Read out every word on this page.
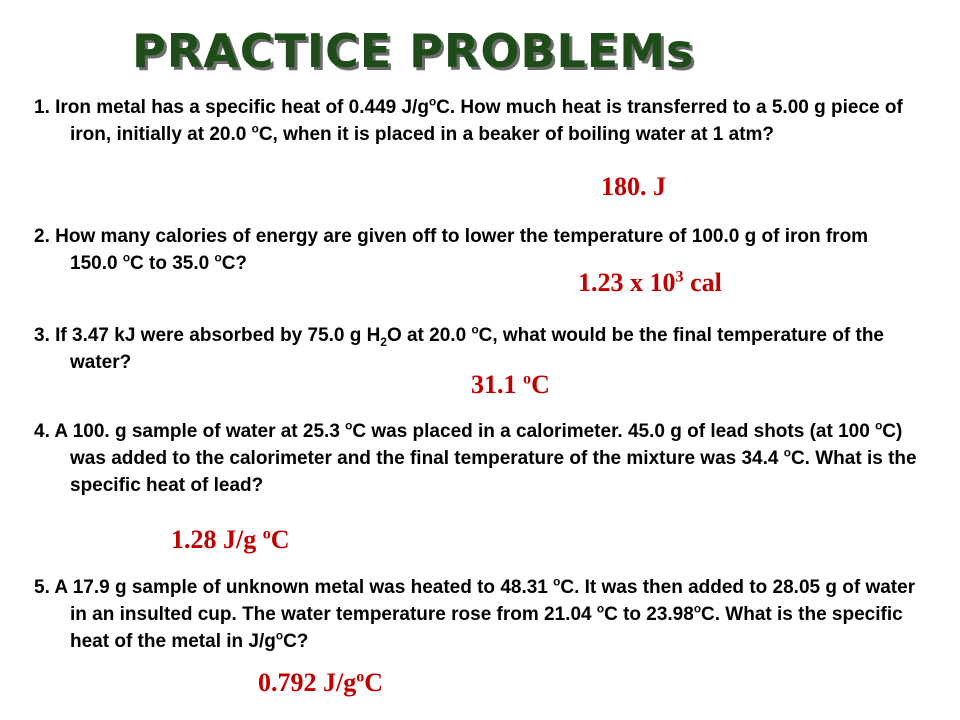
PRACTICE PROBLEMs

1. Iron metal has a specific heat of 0.449 $J/g^oC$. How much heat is transferred to a 5.00 g piece of iron, initially at 20.0 $^o$C, when it is placed in a beaker of boiling water at 1 atm?

180. J

2. How many calories of energy are given off to lower the temperature of 100.0 g of iron from 150.0 $^o$C to 35.0 $^o$C?

1.23 x $10^3$ cal

3. If 3.47 kJ were absorbed by 75.0 g $H_2O$ at 20.0 $^o$C, what would be the final temperature of the water?

31.1 $^o$C

4. A 100. g sample of water at 25.3 $^o$C was placed in a calorimeter. 45.0 g of lead shots (at 100 $^o$C) was added to the calorimeter and the final temperature of the mixture was 34.4 $^o$C. What is the specific heat of lead?

1.28 J/g $^o$C

5. A 17.9 g sample of unknown metal was heated to 48.31 $^o$C. It was then added to 28.05 g of water in an insulted cup. The water temperature rose from 21.04 $^o$C to 23.98$^o$C. What is the specific heat of the metal in $J/g^oC$?

0.792 $J/g^oC$
